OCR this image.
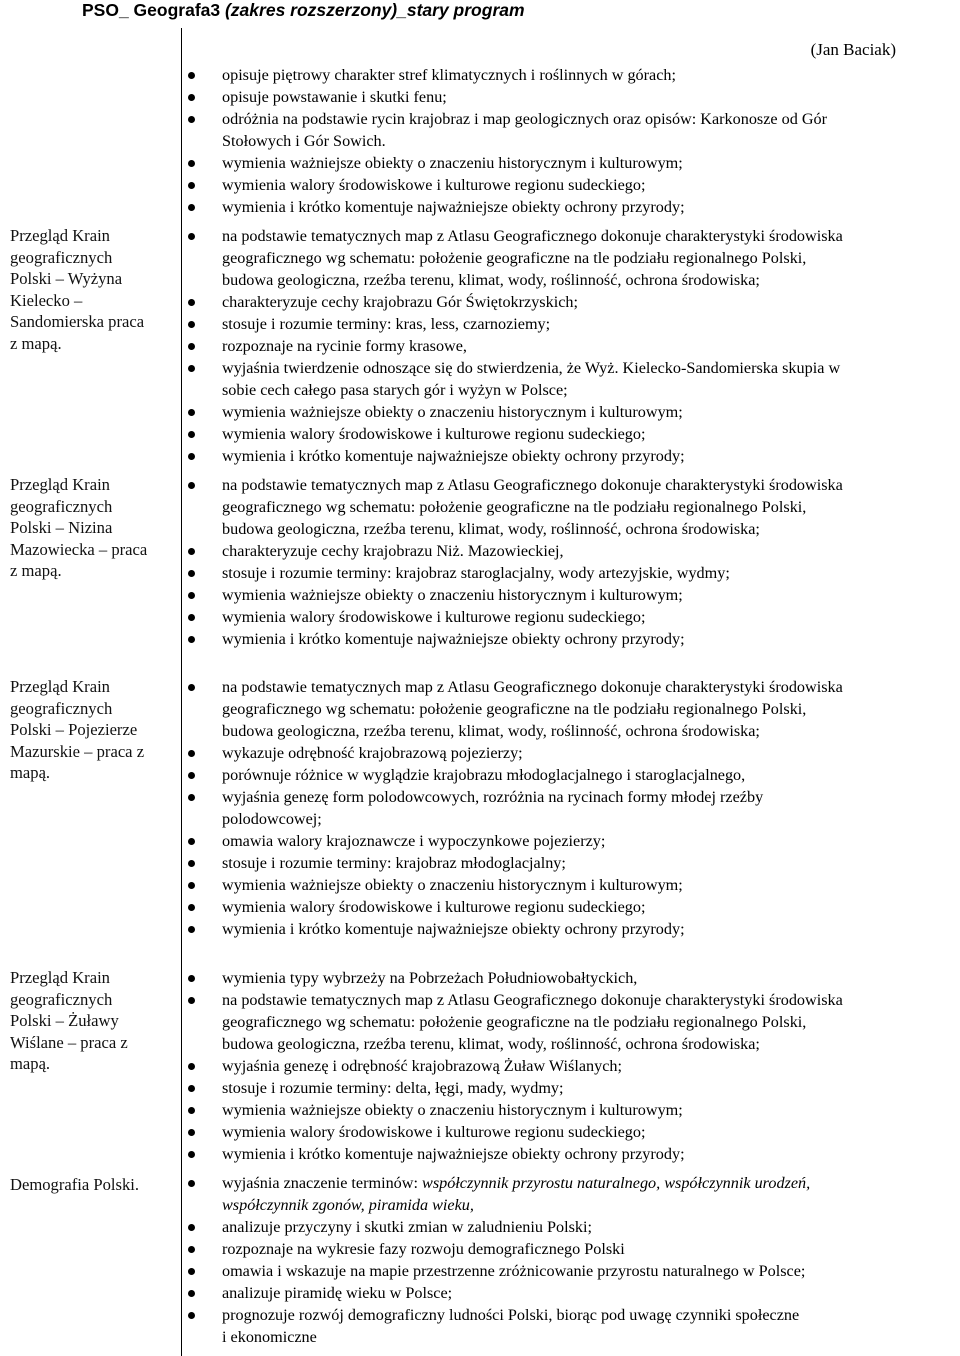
PSO_ Geografa3 (zakres rozszerzony)_stary program
(Jan Baciak)
opisuje piętrowy charakter stref klimatycznych i roślinnych w górach;
opisuje powstawanie i skutki fenu;
odróżnia na podstawie rycin krajobraz i map geologicznych oraz opisów: Karkonosze od Gór
Stołowych i Gór Sowich.
wymienia ważniejsze obiekty o znaczeniu historycznym i kulturowym;
wymienia walory środowiskowe i kulturowe regionu sudeckiego;
wymienia i krótko komentuje najważniejsze obiekty ochrony przyrody;
Przegląd Krain
geograficznych
Polski – Wyżyna
Kielecko –
Sandomierska praca
z mapą.
na podstawie tematycznych map z Atlasu Geograficznego dokonuje charakterystyki środowiska
geograficznego wg schematu: położenie geograficzne na tle podziału regionalnego Polski,
budowa geologiczna, rzeźba terenu, klimat, wody, roślinność, ochrona środowiska;
charakteryzuje cechy krajobrazu Gór Świętokrzyskich;
stosuje i rozumie terminy: kras, less, czarnoziemy;
rozpoznaje na rycinie formy krasowe,
wyjaśnia twierdzenie odnoszące się do stwierdzenia, że Wyż. Kielecko-Sandomierska skupia w
sobie cech całego pasa starych gór i wyżyn w Polsce;
wymienia ważniejsze obiekty o znaczeniu historycznym i kulturowym;
wymienia walory środowiskowe i kulturowe regionu sudeckiego;
wymienia i krótko komentuje najważniejsze obiekty ochrony przyrody;
Przegląd Krain
geograficznych
Polski – Nizina
Mazowiecka – praca
z mapą.
na podstawie tematycznych map z Atlasu Geograficznego dokonuje charakterystyki środowiska
geograficznego wg schematu: położenie geograficzne na tle podziału regionalnego Polski,
budowa geologiczna, rzeźba terenu, klimat, wody, roślinność, ochrona środowiska;
charakteryzuje cechy krajobrazu Niż. Mazowieckiej,
stosuje i rozumie terminy: krajobraz staroglacjalny, wody artezyjskie, wydmy;
wymienia ważniejsze obiekty o znaczeniu historycznym i kulturowym;
wymienia walory środowiskowe i kulturowe regionu sudeckiego;
wymienia i krótko komentuje najważniejsze obiekty ochrony przyrody;
Przegląd Krain
geograficznych
Polski – Pojezierze
Mazurskie – praca z
mapą.
na podstawie tematycznych map z Atlasu Geograficznego dokonuje charakterystyki środowiska
geograficznego wg schematu: położenie geograficzne na tle podziału regionalnego Polski,
budowa geologiczna, rzeźba terenu, klimat, wody, roślinność, ochrona środowiska;
wykazuje odrębność krajobrazową pojezierzy;
porównuje różnice w wyglądzie krajobrazu młodoglacjalnego i staroglacjalnego,
wyjaśnia genezę form polodowcowych, rozróżnia na rycinach formy młodej rzeźby
polodowcowej;
omawia walory krajoznawcze i wypoczynkowe pojezierzy;
stosuje i rozumie terminy: krajobraz młodoglacjalny;
wymienia ważniejsze obiekty o znaczeniu historycznym i kulturowym;
wymienia walory środowiskowe i kulturowe regionu sudeckiego;
wymienia i krótko komentuje najważniejsze obiekty ochrony przyrody;
Przegląd Krain
geograficznych
Polski – Żuławy
Wiślane – praca z
mapą.
wymienia typy wybrzeży na Pobrzeżach Południowobałtyckich,
na podstawie tematycznych map z Atlasu Geograficznego dokonuje charakterystyki środowiska
geograficznego wg schematu: położenie geograficzne na tle podziału regionalnego Polski,
budowa geologiczna, rzeźba terenu, klimat, wody, roślinność, ochrona środowiska;
wyjaśnia genezę i odrębność krajobrazową Żuław Wiślanych;
stosuje i rozumie terminy: delta, łęgi, mady, wydmy;
wymienia ważniejsze obiekty o znaczeniu historycznym i kulturowym;
wymienia walory środowiskowe i kulturowe regionu sudeckiego;
wymienia i krótko komentuje najważniejsze obiekty ochrony przyrody;
Demografia Polski.	wyjaśnia znaczenie terminów: współczynnik przyrostu naturalnego, współczynnik urodzeń,
współczynnik zgonów, piramida wieku,
analizuje przyczyny i skutki zmian w zaludnieniu Polski;
rozpoznaje na wykresie fazy rozwoju demograficznego Polski
omawia i wskazuje na mapie przestrzenne zróżnicowanie przyrostu naturalnego w Polsce;
analizuje piramidę wieku w Polsce;
prognozuje rozwój demograficzny ludności Polski, biorąc pod uwagę czynniki społeczne
i ekonomiczne
